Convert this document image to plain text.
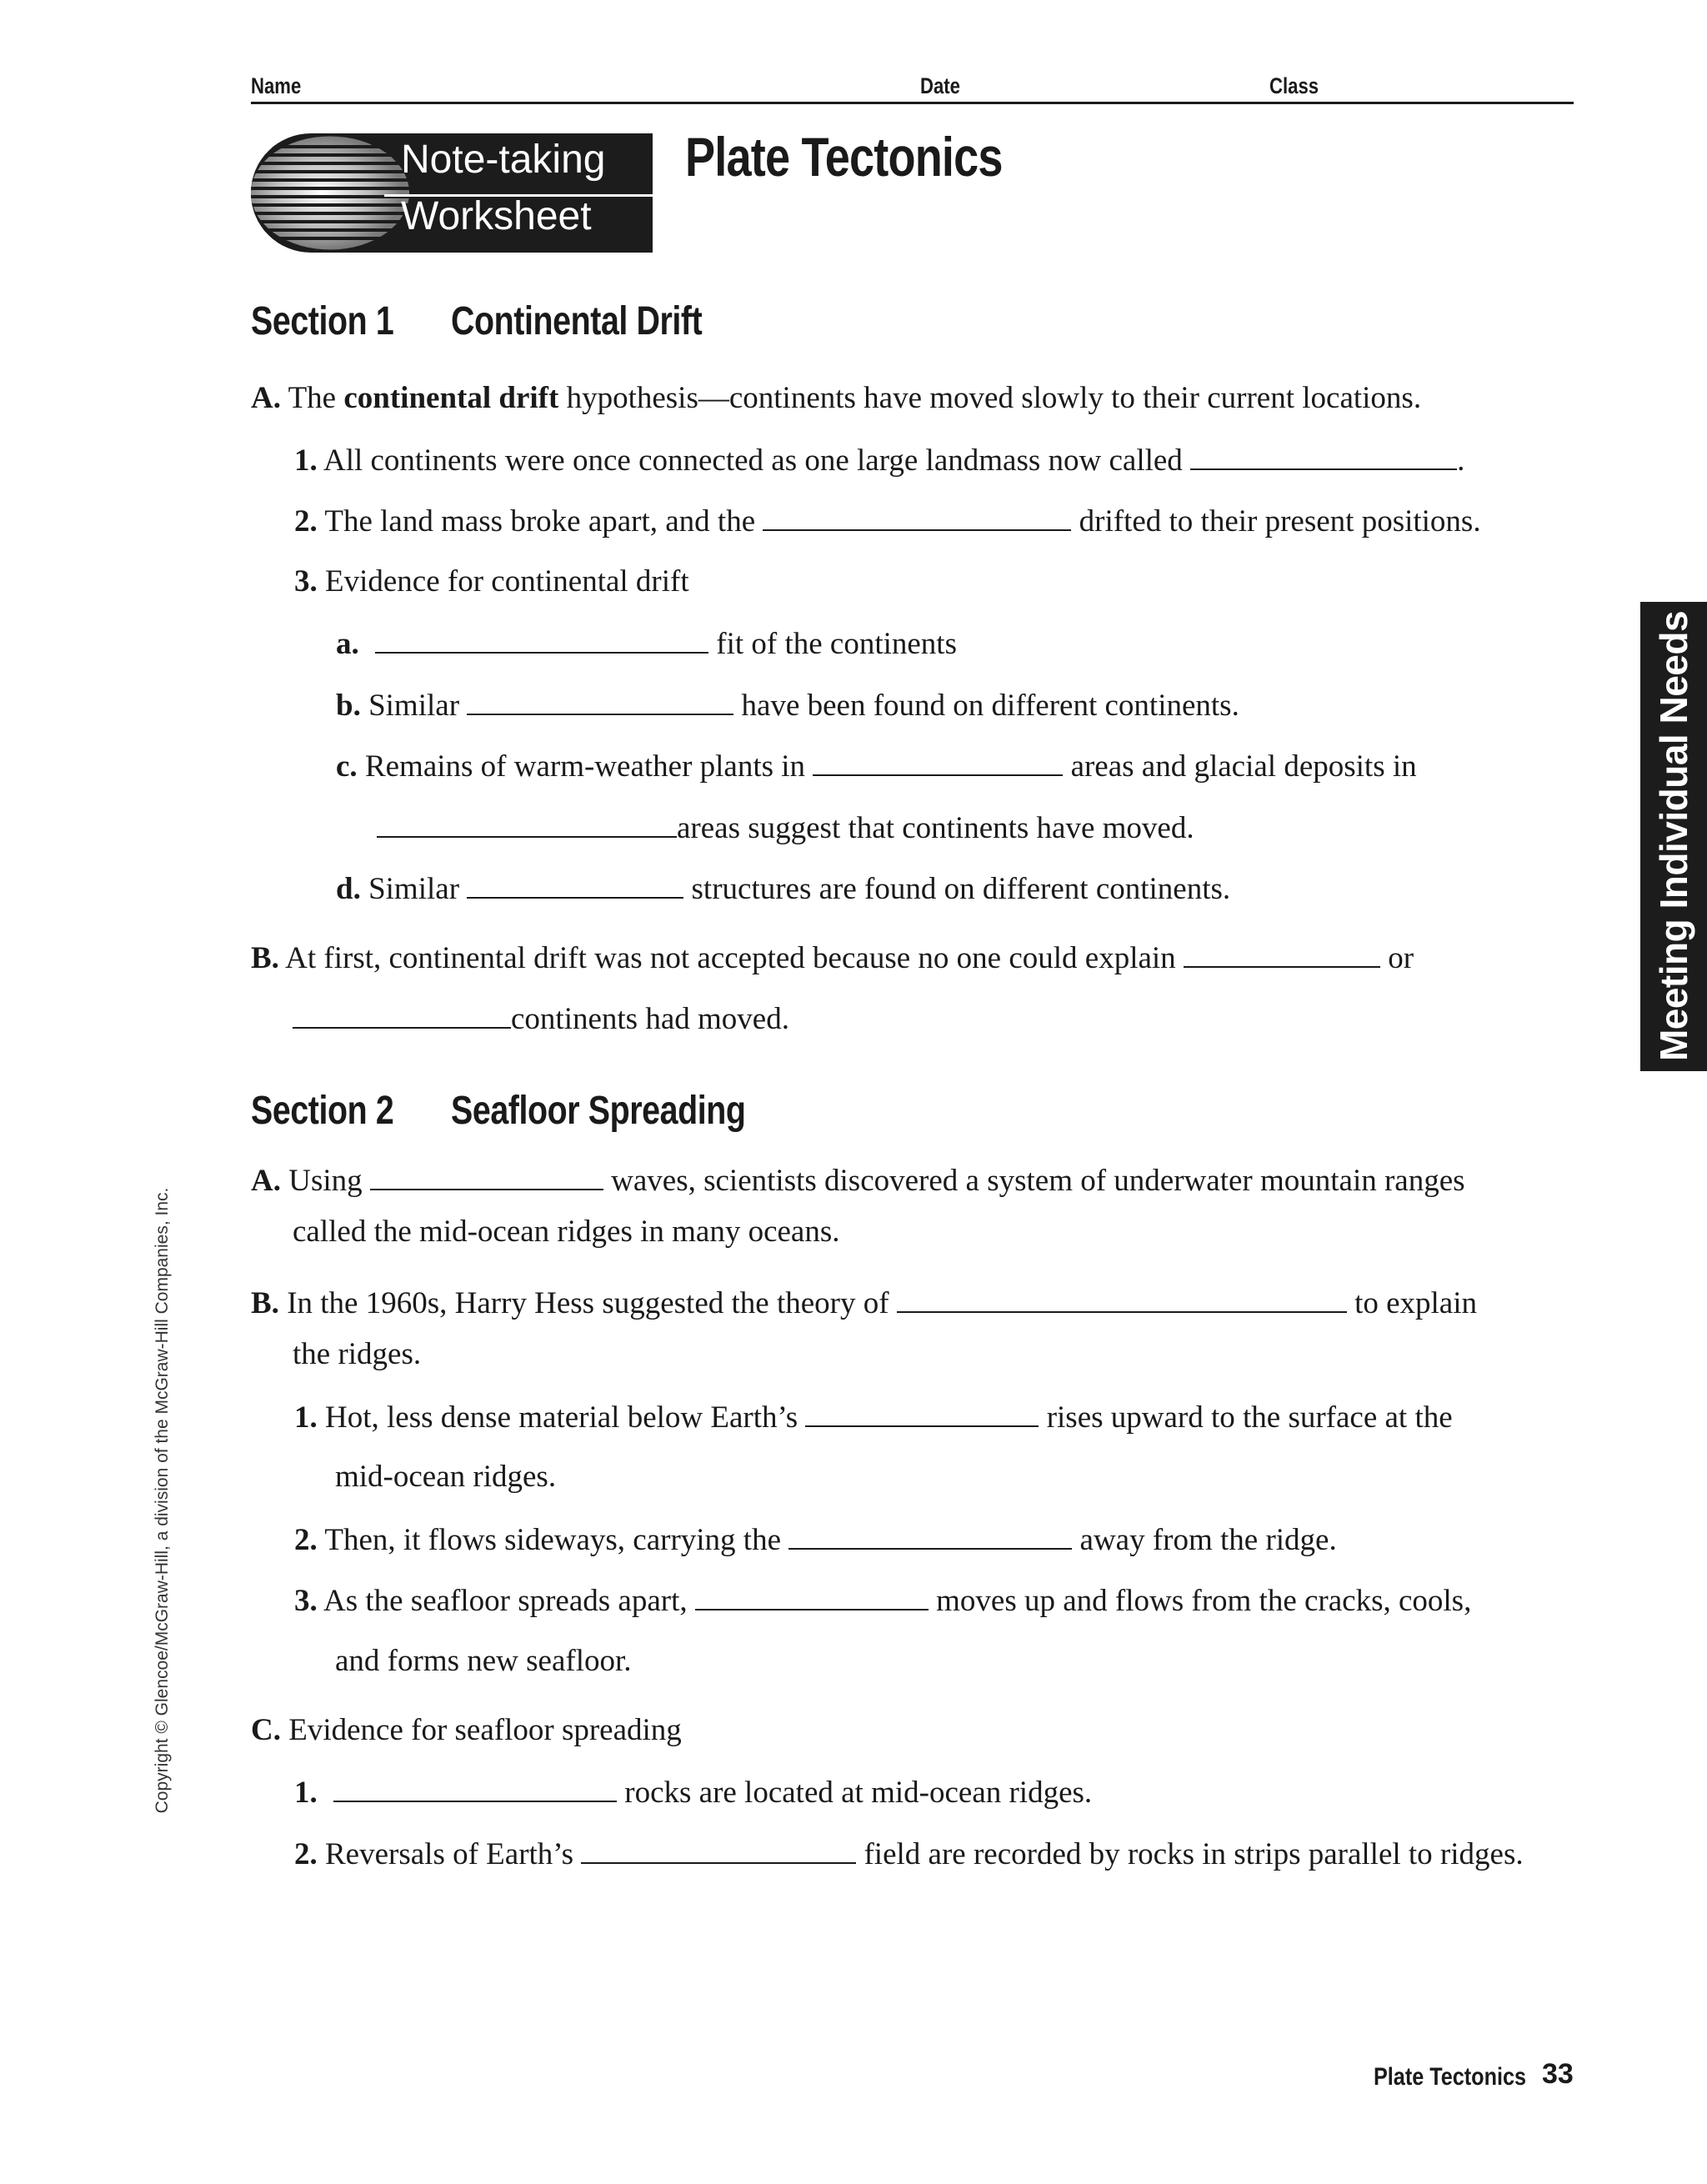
Name	Date	Class
Note-taking
Worksheet
Plate Tectonics
Section 1 Continental Drift
A. The continental drift hypothesis—continents have moved slowly to their current locations.
1. All continents were once connected as one large landmass now called	.
2. The land mass broke apart, and the	drifted to their present positions.
3. Evidence for continental drift
a.	fit of the continents
b. Similar	have been found on different continents.
c. Remains of warm-weather plants in	areas and glacial deposits in
areas suggest that continents have moved.
d. Similar	structures are found on different continents.
B. At first, continental drift was not accepted because no one could explain	or
continents had moved.
Section 2 Seafloor Spreading
A. Using	waves, scientists discovered a system of underwater mountain ranges
called the mid-ocean ridges in many oceans.
B. In the 1960s, Harry Hess suggested the theory of	to explain
the ridges.
1. Hot, less dense material below Earth’s	rises upward to the surface at the
mid-ocean ridges.
2. Then, it flows sideways, carrying the	away from the ridge.
3. As the seafloor spreads apart,	moves up and flows from the cracks, cools,
and forms new seafloor.
C. Evidence for seafloor spreading
1.	rocks are located at mid-ocean ridges.
2. Reversals of Earth’s	field are recorded by rocks in strips parallel to ridges.
Meeting Individual Needs
Copyright © Glencoe/McGraw-Hill, a division of the McGraw-Hill Companies, Inc.
Plate Tectonics 33
